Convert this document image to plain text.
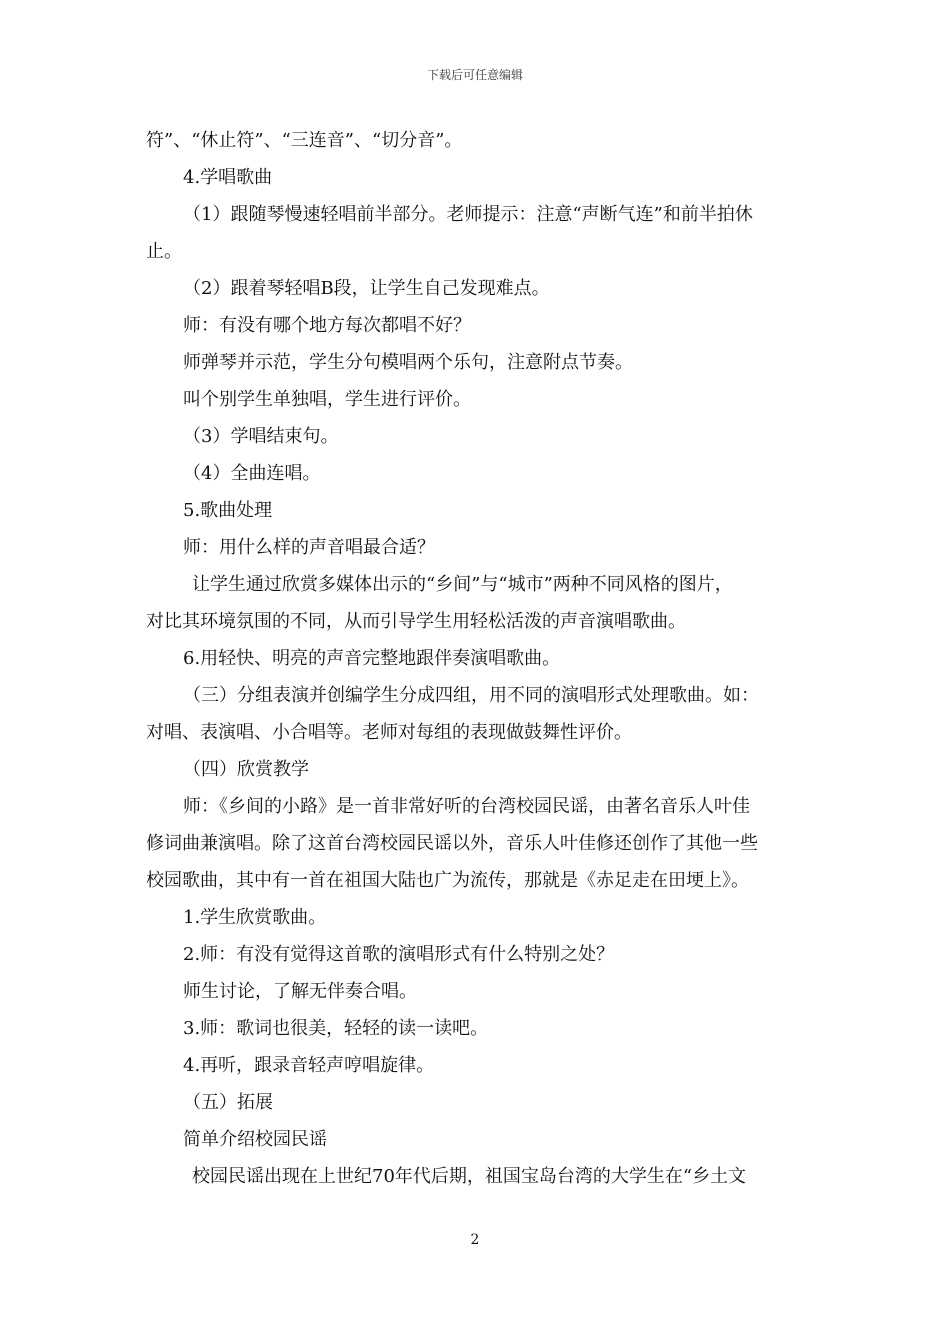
下载后可任意编辑
符”、“休止符”、“三连音”、“切分音”。
4.学唱歌曲
（1）跟随琴慢速轻唱前半部分。老师提示：注意“声断气连”和前半拍休
止。
（2）跟着琴轻唱B段，让学生自己发现难点。
师：有没有哪个地方每次都唱不好？
师弹琴并示范，学生分句模唱两个乐句，注意附点节奏。
叫个别学生单独唱，学生进行评价。
（3）学唱结束句。
（4）全曲连唱。
5.歌曲处理
师：用什么样的声音唱最合适？
让学生通过欣赏多媒体出示的“乡间”与“城市”两种不同风格的图片，
对比其环境氛围的不同，从而引导学生用轻松活泼的声音演唱歌曲。
6.用轻快、明亮的声音完整地跟伴奏演唱歌曲。
（三）分组表演并创编学生分成四组，用不同的演唱形式处理歌曲。如：
对唱、表演唱、小合唱等。老师对每组的表现做鼓舞性评价。
（四）欣赏教学
师：《乡间的小路》是一首非常好听的台湾校园民谣，由著名音乐人叶佳
修词曲兼演唱。除了这首台湾校园民谣以外，音乐人叶佳修还创作了其他一些
校园歌曲，其中有一首在祖国大陆也广为流传，那就是《赤足走在田埂上》。
1.学生欣赏歌曲。
2.师：有没有觉得这首歌的演唱形式有什么特别之处？
师生讨论，了解无伴奏合唱。
3.师：歌词也很美，轻轻的读一读吧。
4.再听，跟录音轻声哼唱旋律。
（五）拓展
简单介绍校园民谣
校园民谣出现在上世纪70年代后期，祖国宝岛台湾的大学生在“乡土文
2
